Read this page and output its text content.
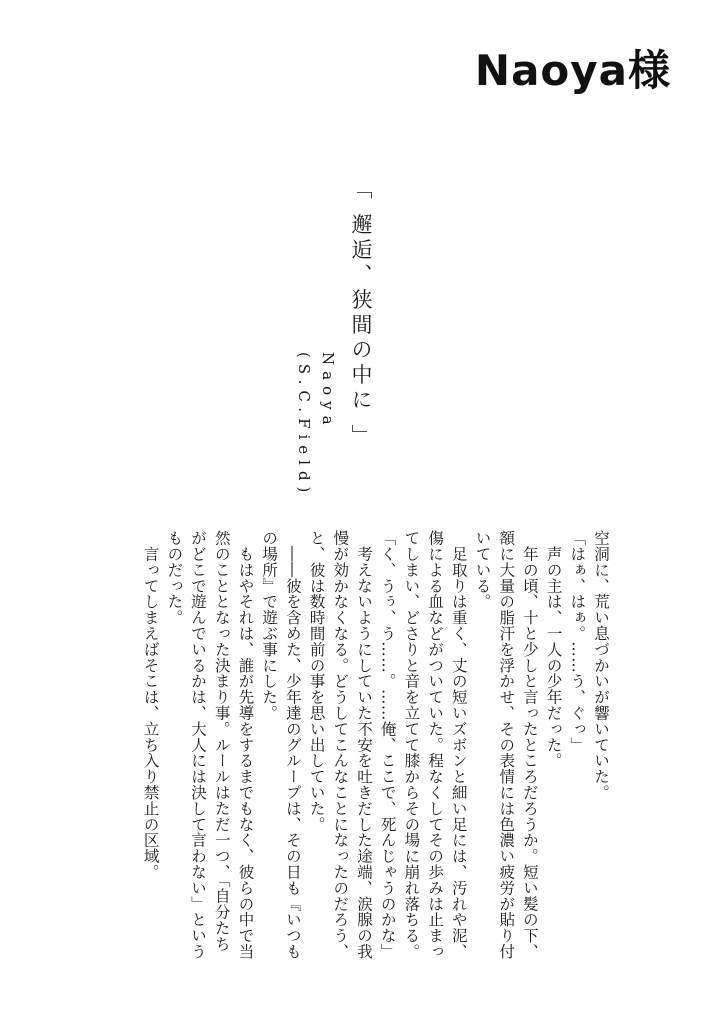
Naoya様
「 邂逅、狭間の中に 」
Naoya
(S.C.Field)
空洞に、荒い息づかいが響いていた。
「はぁ、はぁ。……う、ぐっ」
　声の主は、一人の少年だった。
　年の頃、十と少しと言ったところだろうか。短い髪の下、
額に大量の脂汗を浮かせ、その表情には色濃い疲労が貼り付
いている。
　足取りは重く、丈の短いズボンと細い足には、汚れや泥、
傷による血などがついていた。程なくしてその歩みは止まっ
てしまい、どさりと音を立てて膝からその場に崩れ落ちる。
「く、うぅ、う……。……俺、ここで、死んじゃうのかな」
　考えないようにしていた不安を吐きだした途端、涙腺の我
慢が効かなくなる。どうしてこんなことになったのだろう、
と、彼は数時間前の事を思い出していた。
　――彼を含めた、少年達のグループは、その日も『いつも
の場所』で遊ぶ事にした。
　もはやそれは、誰が先導をするまでもなく、彼らの中で当
然のこととなった決まり事。ルールはただ一つ、「自分たち
がどこで遊んでいるかは、大人には決して言わない」という
ものだった。
　言ってしまえばそこは、立ち入り禁止の区域。
